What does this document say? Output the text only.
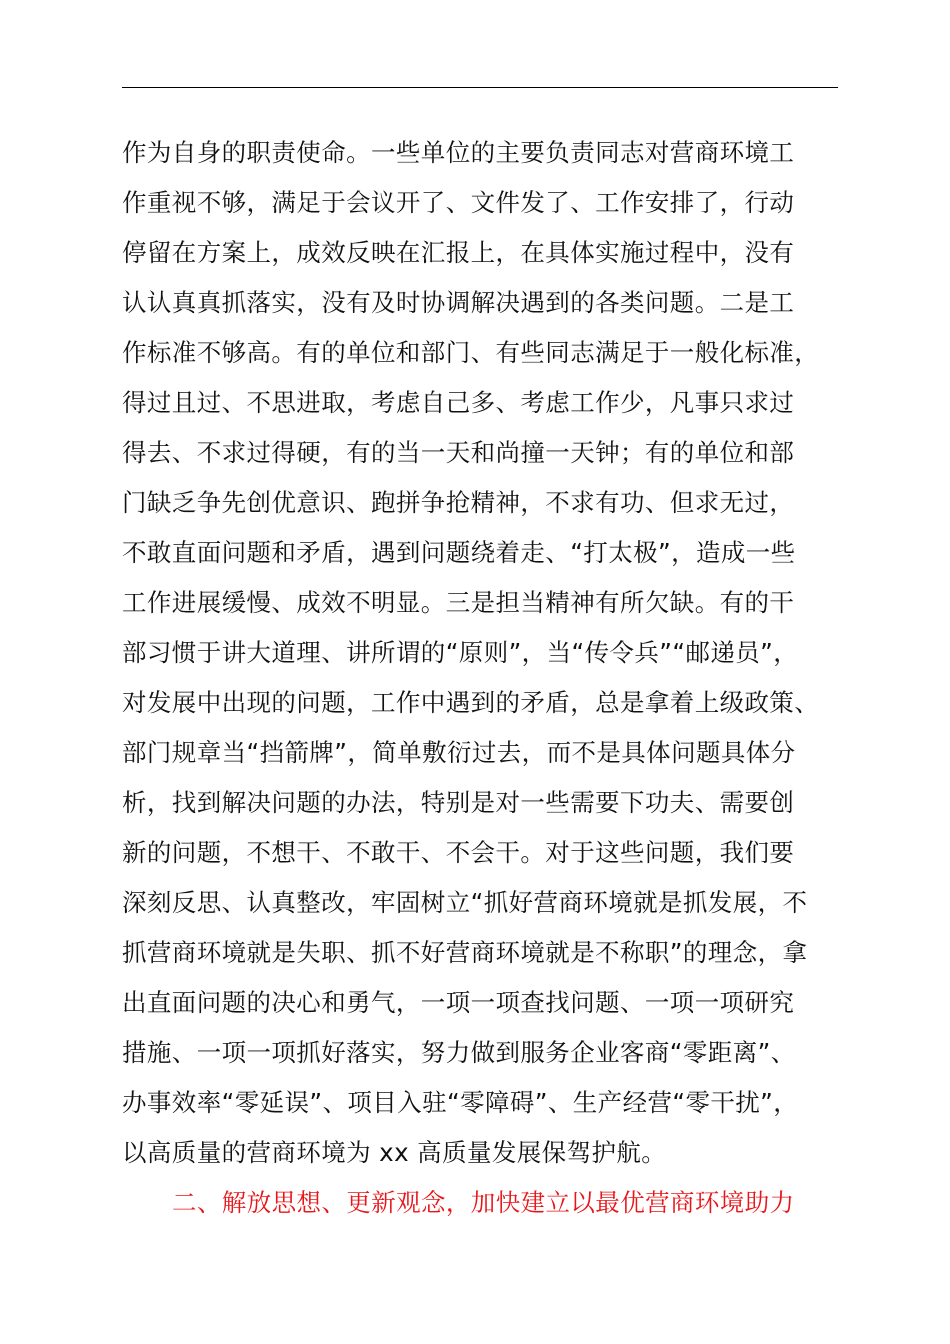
作为自身的职责使命。一些单位的主要负责同志对营商环境工
作重视不够，满足于会议开了、文件发了、工作安排了，行动
停留在方案上，成效反映在汇报上，在具体实施过程中，没有
认认真真抓落实，没有及时协调解决遇到的各类问题。二是工
作标准不够高。有的单位和部门、有些同志满足于一般化标准，
得过且过、不思进取，考虑自己多、考虑工作少，凡事只求过
得去、不求过得硬，有的当一天和尚撞一天钟；有的单位和部
门缺乏争先创优意识、跑拼争抢精神，不求有功、但求无过，
不敢直面问题和矛盾，遇到问题绕着走、“打太极”，造成一些
工作进展缓慢、成效不明显。三是担当精神有所欠缺。有的干
部习惯于讲大道理、讲所谓的“原则”，当“传令兵”“邮递员”，
对发展中出现的问题，工作中遇到的矛盾，总是拿着上级政策、
部门规章当“挡箭牌”，简单敷衍过去，而不是具体问题具体分
析，找到解决问题的办法，特别是对一些需要下功夫、需要创
新的问题，不想干、不敢干、不会干。对于这些问题，我们要
深刻反思、认真整改，牢固树立“抓好营商环境就是抓发展，不
抓营商环境就是失职、抓不好营商环境就是不称职”的理念，拿
出直面问题的决心和勇气，一项一项查找问题、一项一项研究
措施、一项一项抓好落实，努力做到服务企业客商“零距离”、
办事效率“零延误”、项目入驻“零障碍”、生产经营“零干扰”，
以高质量的营商环境为 xx 高质量发展保驾护航。
二、解放思想、更新观念，加快建立以最优营商环境助力
